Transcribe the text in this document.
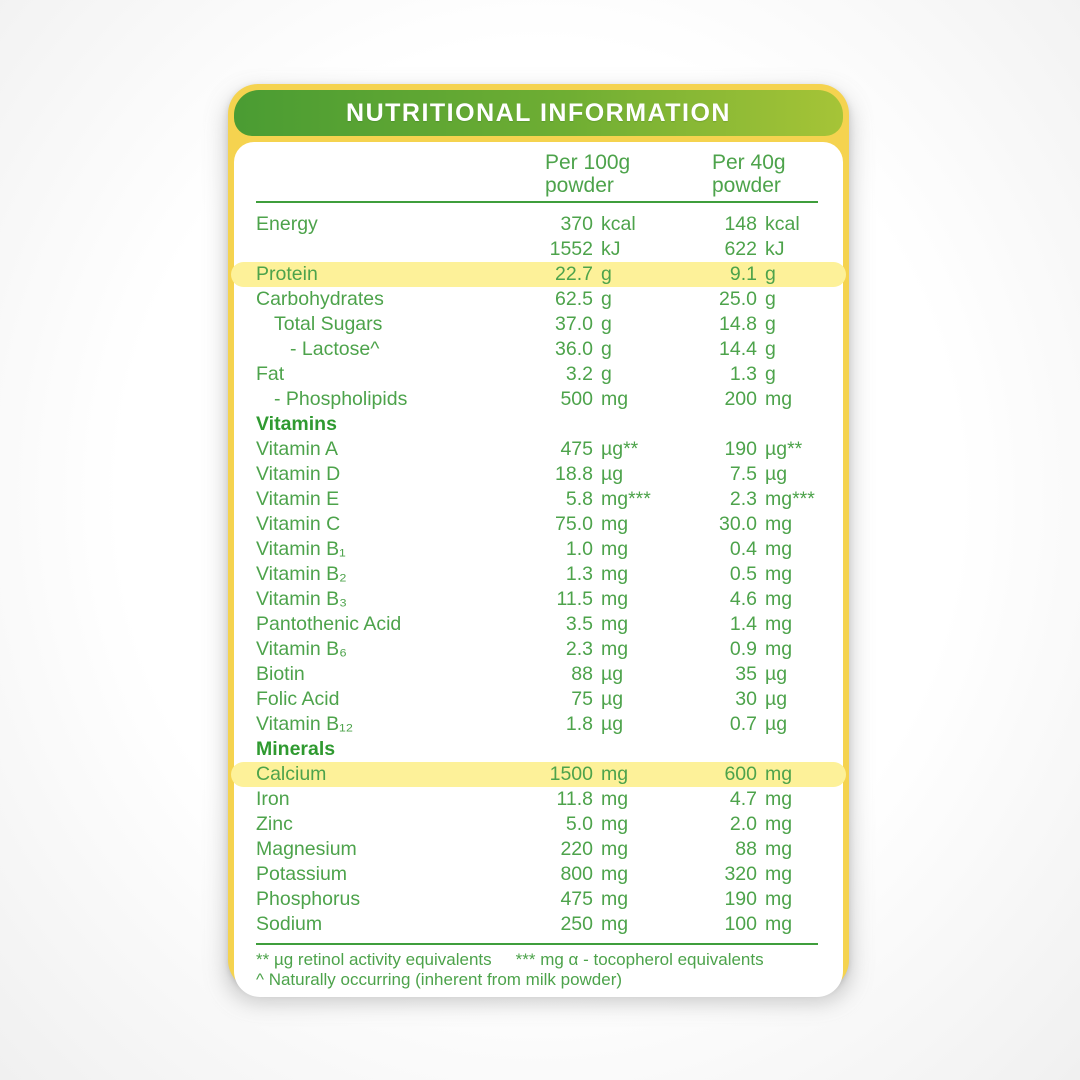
NUTRITIONAL INFORMATION
Per 100g
powder
Per 40g
powder
Energy	370 kcal	148 kcal
1552 kJ	622 kJ
Protein	22.7 g	9.1 g
Carbohydrates	62.5 g	25.0 g
Total Sugars	37.0 g	14.8 g
- Lactose^	36.0 g	14.4 g
Fat	3.2 g	1.3 g
- Phospholipids	500 mg	200 mg
Vitamins
Vitamin A	475 µg**	190 µg**
Vitamin D	18.8 µg	7.5 µg
Vitamin E	5.8 mg***	2.3 mg***
Vitamin C	75.0 mg	30.0 mg
Vitamin B₁	1.0 mg	0.4 mg
Vitamin B₂	1.3 mg	0.5 mg
Vitamin B₃	11.5 mg	4.6 mg
Pantothenic Acid	3.5 mg	1.4 mg
Vitamin B₆	2.3 mg	0.9 mg
Biotin	88 µg	35 µg
Folic Acid	75 µg	30 µg
Vitamin B₁₂	1.8 µg	0.7 µg
Minerals
Calcium	1500 mg	600 mg
Iron	11.8 mg	4.7 mg
Zinc	5.0 mg	2.0 mg
Magnesium	220 mg	88 mg
Potassium	800 mg	320 mg
Phosphorus	475 mg	190 mg
Sodium	250 mg	100 mg
** µg retinol activity equivalents *** mg α - tocopherol equivalents
^ Naturally occurring (inherent from milk powder)
